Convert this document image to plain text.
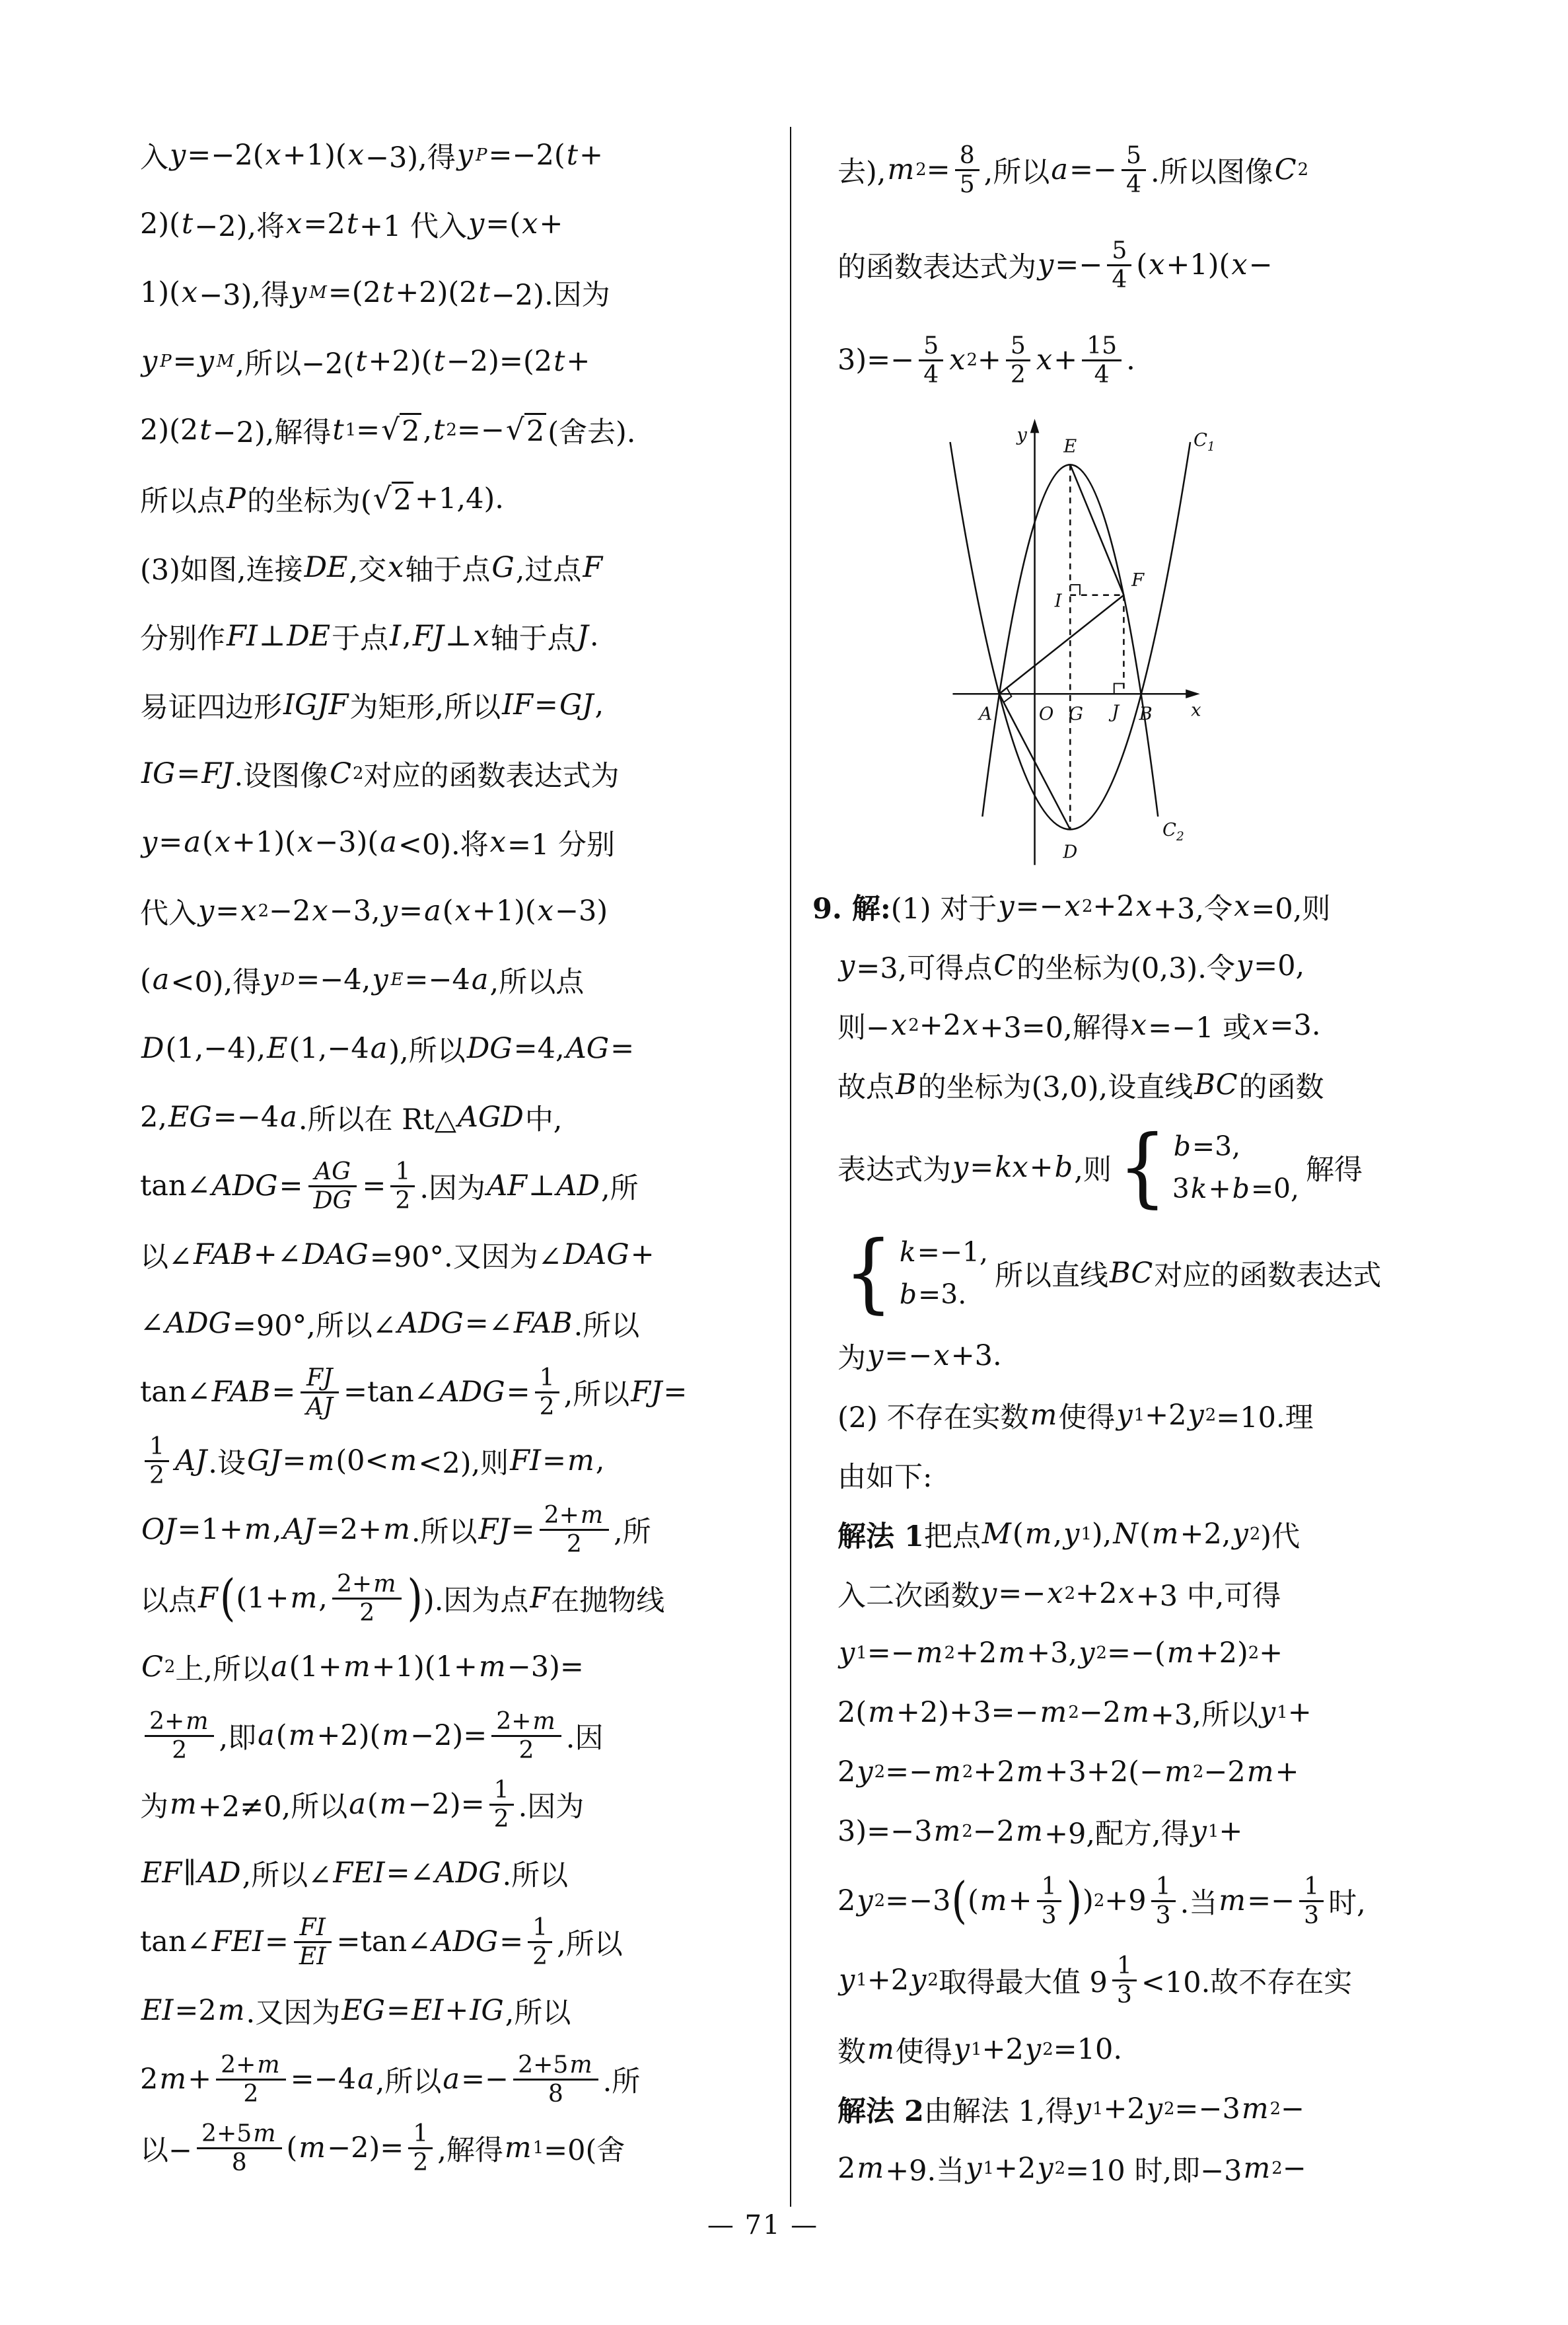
入 y =−2( x +1)( x −3),得 y P =−2( t +
2)( t −2),将 x =2 t +1 代入 y =( x +
1)( x −3),得 y M =(2 t +2)(2 t −2).因为
y P = y M ,所以−2( t +2)( t −2)=(2 t +
2)(2 t −2),解得 t 1 = √ 2 , t 2 =− √ 2 (舍去).
所以点 P 的坐标为( √ 2 +1,4).
(3)如图,连接 DE ,交 x 轴于点 G ,过点 F
分别作 FI ⊥ DE 于点 I , FJ ⊥ x 轴于点 J .
易证四边形 IGJF 为矩形,所以 IF = GJ ,
IG = FJ .设图像 C 2 对应的函数表达式为
y = a ( x +1)( x −3)( a <0).将 x =1 分别
代入 y = x 2 −2 x −3, y = a ( x +1)( x −3)
( a <0),得 y D =−4, y E =−4 a ,所以点
D (1,−4), E (1,−4 a ),所以 DG =4, AG =
2, EG =−4 a .所以在 Rt△ AGD 中,
tan∠ ADG = $\frac{AG}{DG} = \frac{1}{2}$ .因为 AF ⊥ AD ,所
以∠ FAB +∠ DAG =90°.又因为∠ DAG +
∠ ADG =90°,所以∠ ADG =∠ FAB .所以
tan∠ FAB = $\frac{FJ}{AJ}$ =tan∠ ADG = $\frac{1}{2}$ ,所以 FJ =
$\frac{1}{2}$ AJ .设 GJ = m (0< m <2),则 FI = m ,
OJ =1+ m , AJ =2+ m .所以 FJ = $\frac{2+m}{2}$ ,所
以点 F ( (1+ m , $\frac{2+m}{2}$ ) ).因为点 F 在抛物线
C 2 上,所以 a (1+ m +1)(1+ m −3)=
$\frac{2+m}{2}$ ,即 a ( m +2)( $m -2)= \frac{2+m}{2}$ .因
为 m +2≠0,所以 a ( $m -2)= \frac{1}{2}$ .因为
EF ∥ AD ,所以∠ FEI =∠ ADG .所以
tan∠ FEI = $\frac{FI}{EI}$ =tan∠ ADG = $\frac{1}{2}$ ,所以
EI =2 m .又因为 EG = EI + IG ,所以
2 $m + \frac{2+m}{2} =-4$ a ,所以 $a =- \frac{2+5m}{8}$ .所
以− $\frac{2+5m}{8}$ ( $m -2)= \frac{1}{2}$ ,解得 m 1 =0(舍
去), m $2 = \frac{8}{5}$ ,所以 $a =- \frac{5}{4}$ .所以图像 C 2
的函数表达式为 $y =- \frac{5}{4}$ ( x +1)( x −
$3)=- \frac{5}{4}$ x $2 + \frac{5}{2}$ $x + \frac{15}{4}$ .
y
x
E
D
A	O G J B
I
F
$C_1$
$C_2$
9. 解: (1) 对于 y =− x 2 +2 x +3,令 x =0,则
y =3,可得点 C 的坐标为(0,3).令 y =0,
则− x 2 +2 x +3=0,解得 x =−1 或 x =3.
故点 B 的坐标为(3,0),设直线 BC 的函数
表达式为 y = kx + b ,则 { b=3,
3k+b=0,
解得
{ k=−1,
b=3.
所以直线 BC 对应的函数表达式
为 y =− x +3.
(2) 不存在实数 m 使得 y 1 +2 y 2 =10.理
由如下:
解法 1 把点 M ( m , y 1 ), N ( m +2, y 2 )代
入二次函数 y =− x 2 +2 x +3 中,可得
y 1 =− m 2 +2 m +3, y 2 =−( m +2) 2 +
2( m +2)+3=− m 2 −2 m +3,所以 y 1 +
2 y 2 =− m 2 +2 m +3+2(− m 2 −2 m +
3)=−3 m 2 −2 m +9,配方,得 y 1 +
2 y 2 =−3 ( ( $m + \frac{1}{3}$ ) ) $2 +9 \frac{1}{3}$ .当 $m =- \frac{1}{3}$ 时,
y 1 +2 y 2 取得最大值 $9 \frac{1}{3} <10$.故不存在实
数 m 使得 y 1 +2 y 2 =10.
解法 2 由解法 1,得 y 1 +2 y 2 =−3 m 2 −
2 m +9.当 y 1 +2 y 2 =10 时,即−3 m 2 −
— 71 —
